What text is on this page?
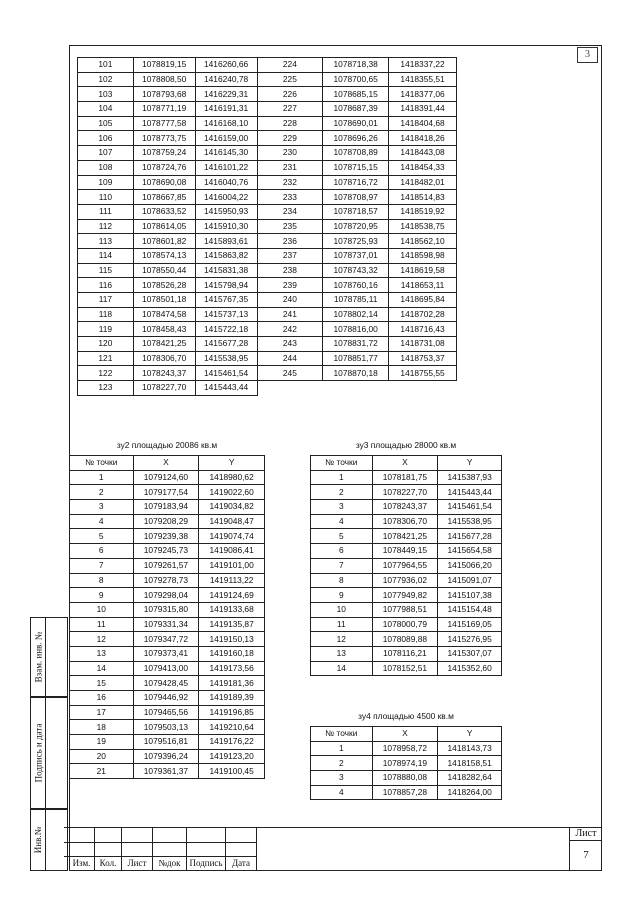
3
101	1078819,15	1416260,66	224	1078718,38	1418337,22
102	1078808,50	1416240,78	225	1078700,65	1418355,51
103	1078793,68	1416229,31	226	1078685,15	1418377,06
104	1078771,19	1416191,31	227	1078687,39	1418391,44
105	1078777,58	1416168,10	228	1078690,01	1418404,68
106	1078773,75	1416159,00	229	1078696,26	1418418,26
107	1078759,24	1416145,30	230	1078708,89	1418443,08
108	1078724,76	1416101,22	231	1078715,15	1418454,33
109	1078690,08	1416040,76	232	1078716,72	1418482,01
110	1078667,85	1416004,22	233	1078708,97	1418514,83
111	1078633,52	1415950,93	234	1078718,57	1418519,92
112	1078614,05	1415910,30	235	1078720,95	1418538,75
113	1078601,82	1415893,61	236	1078725,93	1418562,10
114	1078574,13	1415863,82	237	1078737,01	1418598,98
115	1078550,44	1415831,38	238	1078743,32	1418619,58
116	1078526,28	1415798,94	239	1078760,16	1418653,11
117	1078501,18	1415767,35	240	1078785,11	1418695,84
118	1078474,58	1415737,13	241	1078802,14	1418702,28
119	1078458,43	1415722,18	242	1078816,00	1418716,43
120	1078421,25	1415677,28	243	1078831,72	1418731,08
121	1078306,70	1415538,95	244	1078851,77	1418753,37
122	1078243,37	1415461,54	245	1078870,18	1418755,55
123	1078227,70	1415443,44			
зу2 площадью 20086 кв.м
№ точки	X	Y
1	1079124,60	1418980,62
2	1079177,54	1419022,60
3	1079183,94	1419034,82
4	1079208,29	1419048,47
5	1079239,38	1419074,74
6	1079245,73	1419086,41
7	1079261,57	1419101,00
8	1079278,73	1419113,22
9	1079298,04	1419124,69
10	1079315,80	1419133,68
11	1079331,34	1419135,87
12	1079347,72	1419150,13
13	1079373,41	1419160,18
14	1079413,00	1419173,56
15	1079428,45	1419181,36
16	1079446,92	1419189,39
17	1079465,56	1419196,85
18	1079503,13	1419210,64
19	1079516,81	1419176,22
20	1079396,24	1419123,20
21	1079361,37	1419100,45
зу3 площадью 28000 кв.м
№ точки	X	Y
1	1078181,75	1415387,93
2	1078227,70	1415443,44
3	1078243,37	1415461,54
4	1078306,70	1415538,95
5	1078421,25	1415677,28
6	1078449,15	1415654,58
7	1077964,55	1415066,20
8	1077936,02	1415091,07
9	1077949,82	1415107,38
10	1077988,51	1415154,48
11	1078000,79	1415169,05
12	1078089,88	1415276,95
13	1078116,21	1415307,07
14	1078152,51	1415352,60
зу4 площадью 4500 кв.м
№ точки	X	Y
1	1078958,72	1418143,73
2	1078974,19	1418158,51
3	1078880,08	1418282,64
4	1078857,28	1418264,00
Взам. инв. №
Подпись и дата
Инв.№
Изм.	Кол.	Лист	№док Подпись	Дата
Лист
7
